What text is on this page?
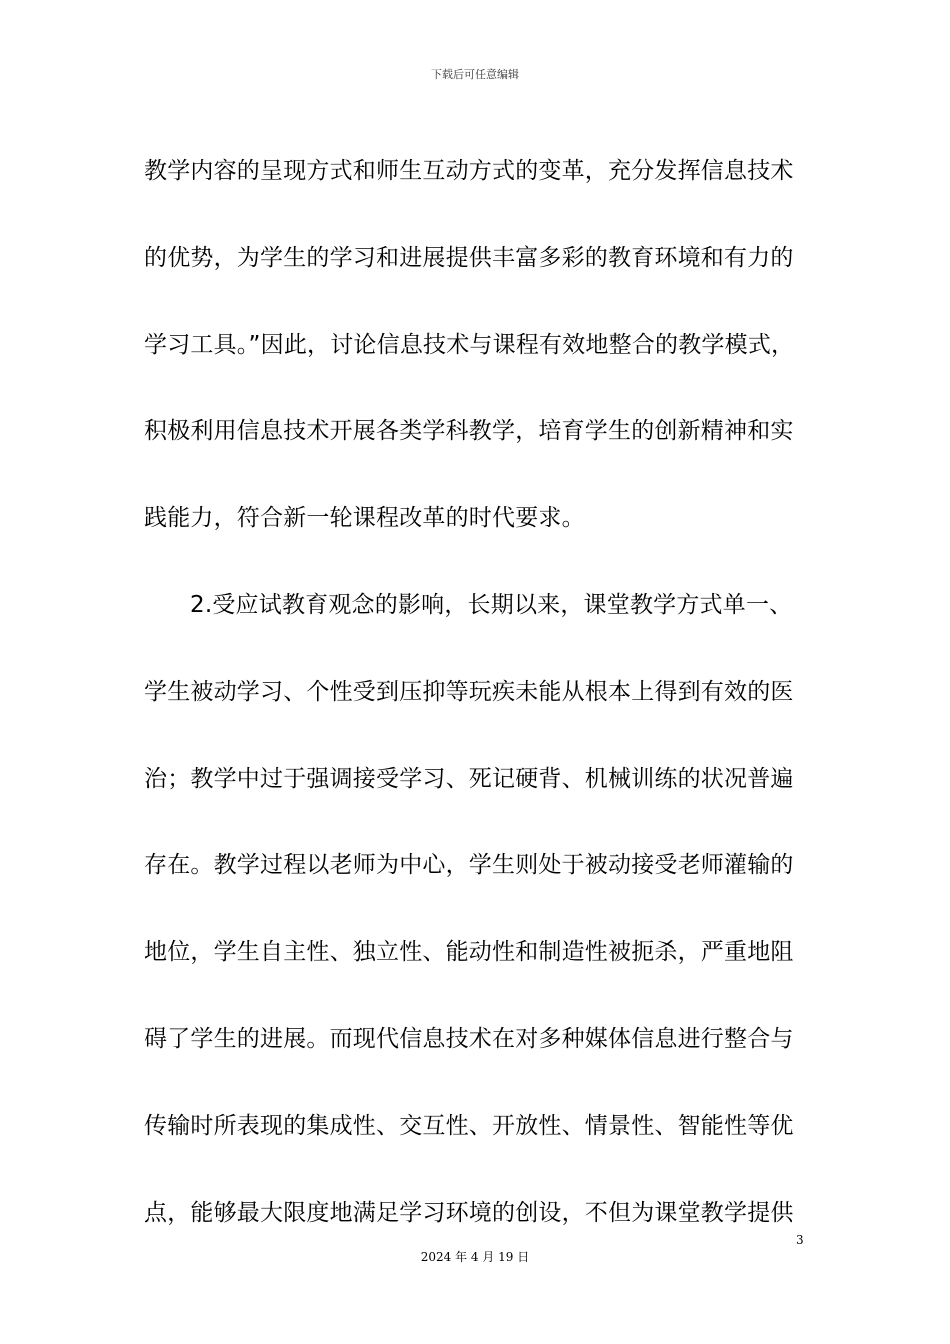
下载后可任意编辑
教学内容的呈现方式和师生互动方式的变革，充分发挥信息技术
的优势，为学生的学习和进展提供丰富多彩的教育环境和有力的
学习工具。”因此，讨论信息技术与课程有效地整合的教学模式，
积极利用信息技术开展各类学科教学，培育学生的创新精神和实
践能力，符合新一轮课程改革的时代要求。
2.受应试教育观念的影响，长期以来，课堂教学方式单一、
学生被动学习、个性受到压抑等玩疾未能从根本上得到有效的医
治；教学中过于强调接受学习、死记硬背、机械训练的状况普遍
存在。教学过程以老师为中心，学生则处于被动接受老师灌输的
地位，学生自主性、独立性、能动性和制造性被扼杀，严重地阻
碍了学生的进展。而现代信息技术在对多种媒体信息进行整合与
传输时所表现的集成性、交互性、开放性、情景性、智能性等优
点，能够最大限度地满足学习环境的创设，不但为课堂教学提供
3
2024 年 4 月 19 日
